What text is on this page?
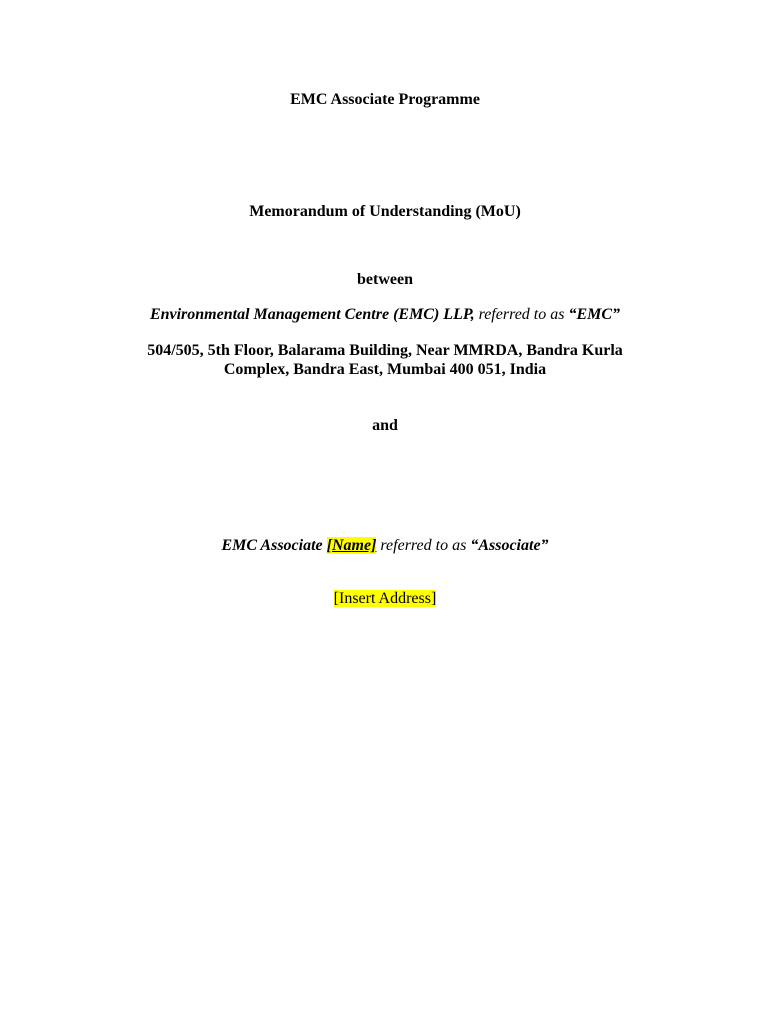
EMC Associate Programme
Memorandum of Understanding (MoU)
between
Environmental Management Centre (EMC) LLP, referred to as “EMC”
504/505, 5th Floor, Balarama Building, Near MMRDA, Bandra Kurla
Complex, Bandra East, Mumbai 400 051, India
and
EMC Associate [Name] referred to as “Associate”
[Insert Address]
